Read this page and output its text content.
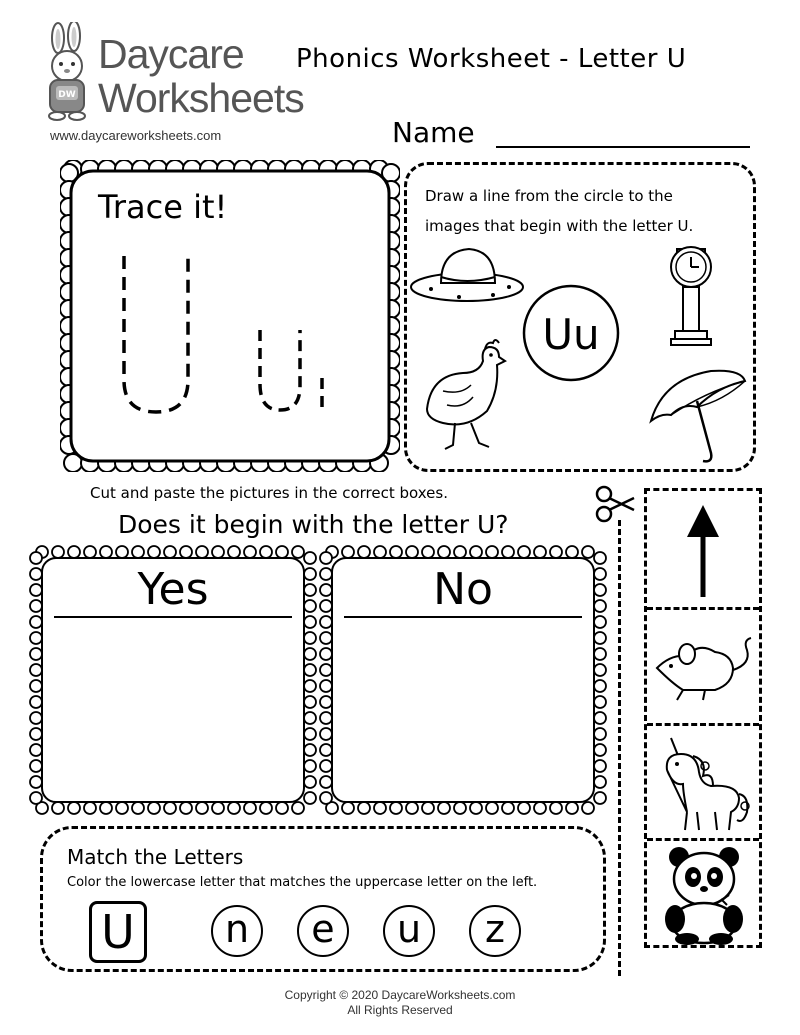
DW
Daycare
Worksheets
www.daycareworksheets.com
Phonics Worksheet - Letter U
Name
Trace it!	Draw a line from the circle to the
images that begin with the letter U.
Uu
Cut and paste the pictures in the correct boxes.
Does it begin with the letter U?
Yes	No
Match the Letters
Color the lowercase letter that matches the uppercase letter on the left.
U	n	e	u	z
Copyright © 2020 DaycareWorksheets.com
All Rights Reserved
